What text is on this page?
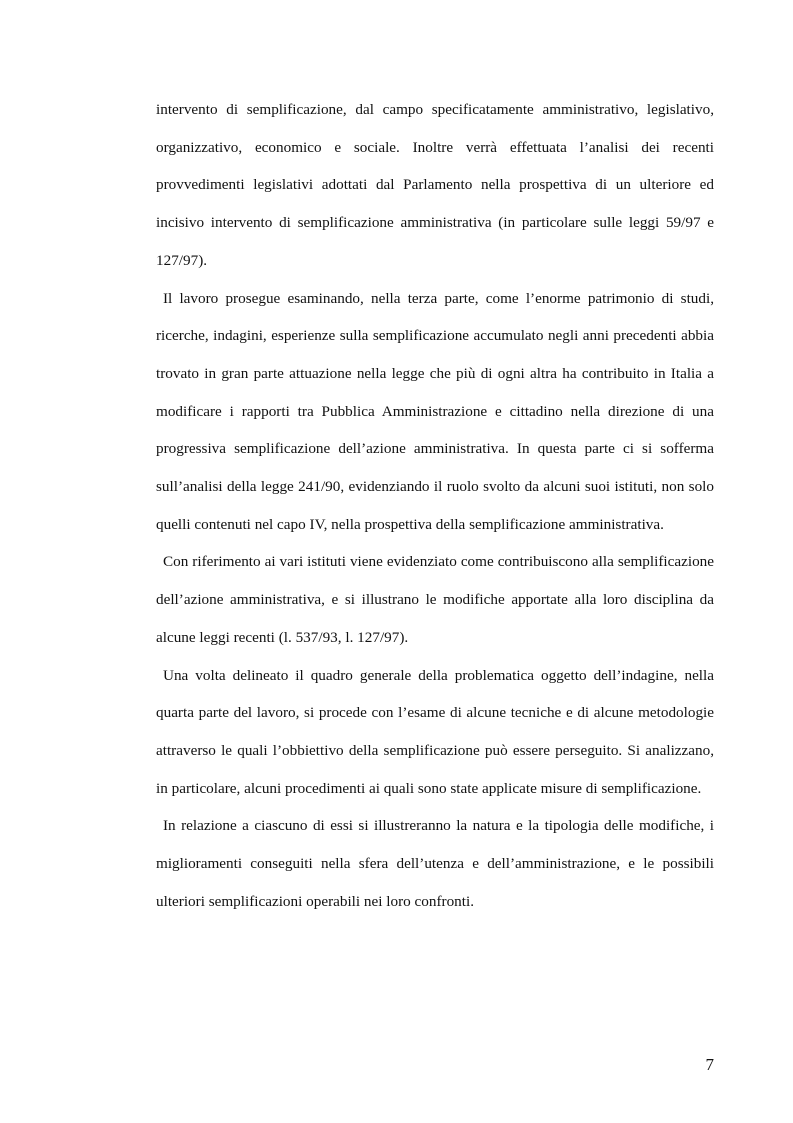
intervento di semplificazione, dal campo specificatamente amministrativo, legislativo, organizzativo, economico e sociale. Inoltre verrà effettuata l’analisi dei recenti provvedimenti legislativi adottati dal Parlamento nella prospettiva di un ulteriore ed incisivo intervento di semplificazione amministrativa (in particolare sulle leggi 59/97 e 127/97).

Il lavoro prosegue esaminando, nella terza parte, come l’enorme patrimonio di studi, ricerche, indagini, esperienze sulla semplificazione accumulato negli anni precedenti abbia trovato in gran parte attuazione nella legge che più di ogni altra ha contribuito in Italia a modificare i rapporti tra Pubblica Amministrazione e cittadino nella direzione di una progressiva semplificazione dell’azione amministrativa. In questa parte ci si sofferma sull’analisi della legge 241/90, evidenziando il ruolo svolto da alcuni suoi istituti, non solo quelli contenuti nel capo IV, nella prospettiva della semplificazione amministrativa.

Con riferimento ai vari istituti viene evidenziato come contribuiscono alla semplificazione dell’azione amministrativa, e si illustrano le modifiche apportate alla loro disciplina da alcune leggi recenti (l. 537/93, l. 127/97).

Una volta delineato il quadro generale della problematica oggetto dell’indagine, nella quarta parte del lavoro, si procede con l’esame di alcune tecniche e di alcune metodologie attraverso le quali l’obbiettivo della semplificazione può essere perseguito. Si analizzano, in particolare, alcuni procedimenti ai quali sono state applicate misure di semplificazione.

In relazione a ciascuno di essi si illustreranno la natura e la tipologia delle modifiche, i miglioramenti conseguiti nella sfera dell’utenza e dell’amministrazione, e le possibili ulteriori semplificazioni operabili nei loro confronti.

7
